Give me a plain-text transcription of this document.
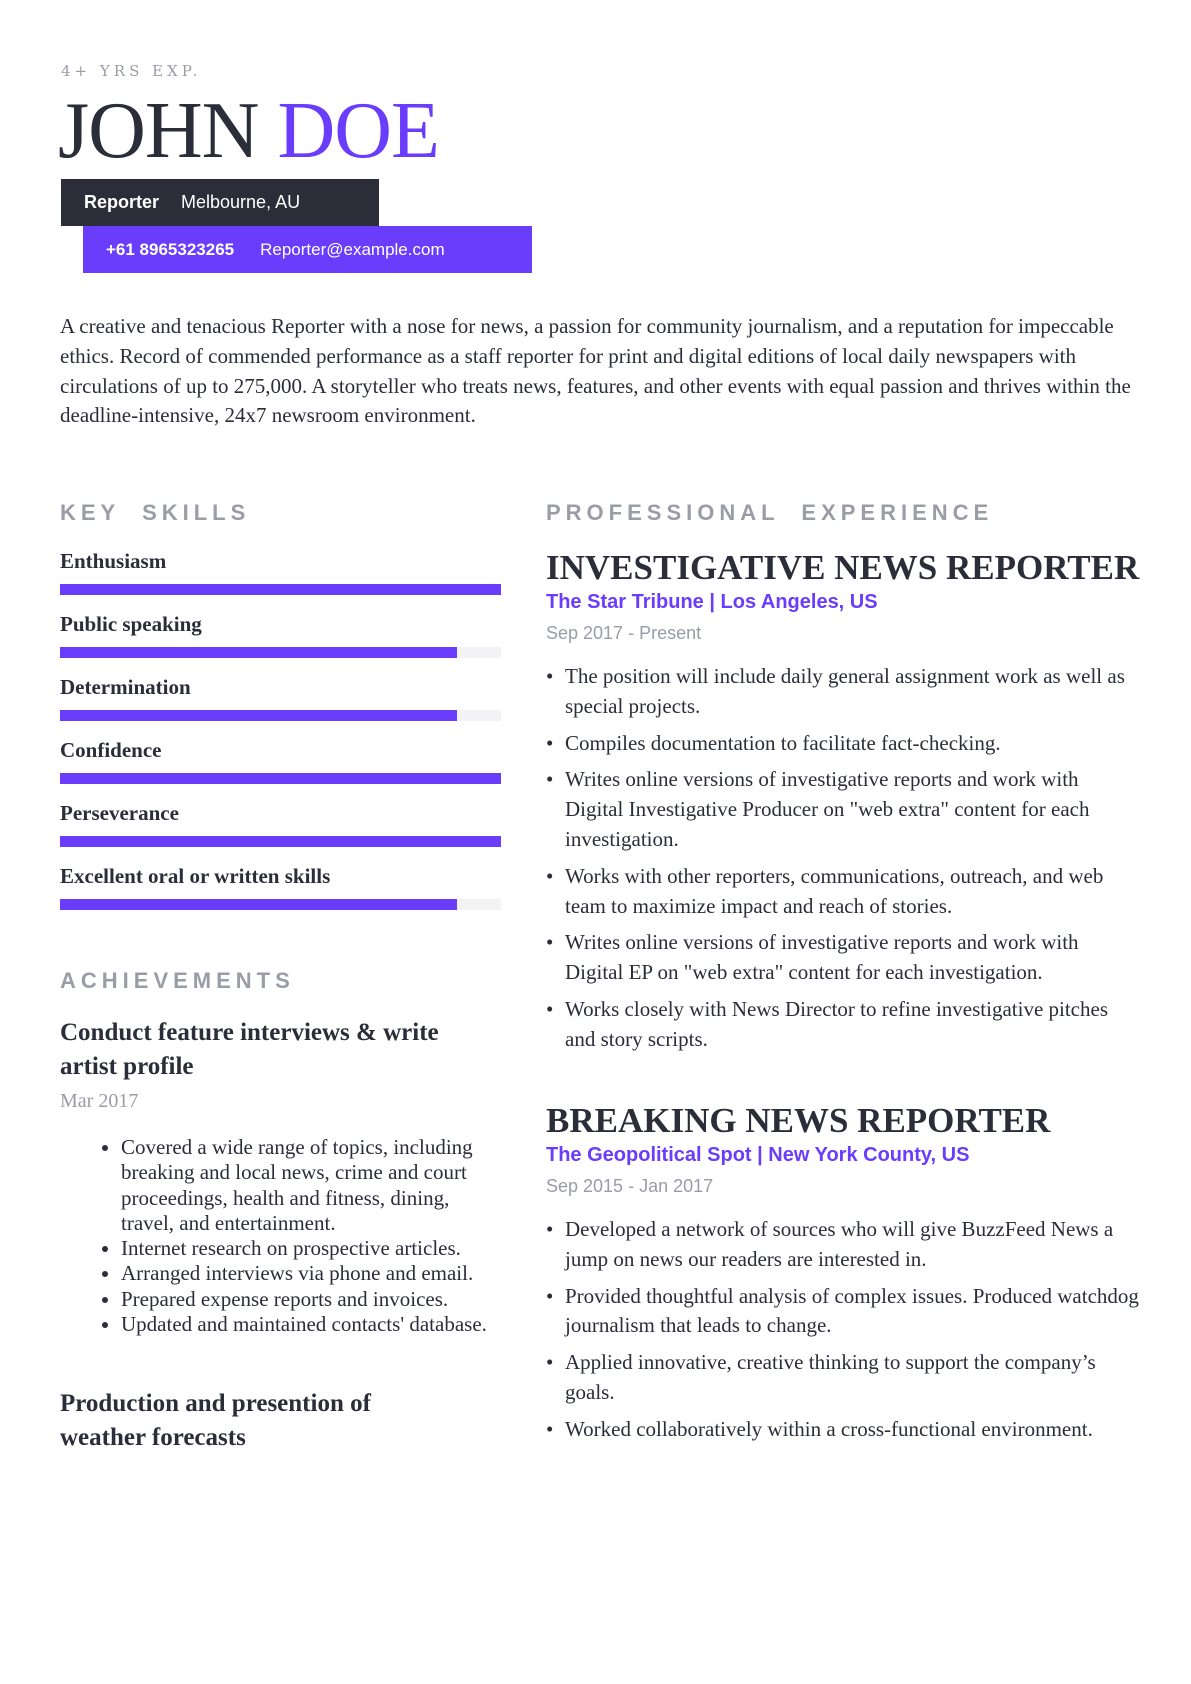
4+ YRS EXP.
JOHN DOE
Reporter Melbourne, AU
+61 8965323265 Reporter@example.com
A creative and tenacious Reporter with a nose for news, a passion for community journalism, and a reputation for impeccable ethics. Record of commended performance as a staff reporter for print and digital editions of local daily newspapers with circulations of up to 275,000. A storyteller who treats news, features, and other events with equal passion and thrives within the deadline-intensive, 24x7 newsroom environment.
KEY  SKILLS
Enthusiasm
Public speaking
Determination
Confidence
Perseverance
Excellent oral or written skills
ACHIEVEMENTS
Conduct feature interviews & write artist profile
Mar 2017
• Covered a wide range of topics, including breaking and local news, crime and court proceedings, health and fitness, dining, travel, and entertainment.
• Internet research on prospective articles.
• Arranged interviews via phone and email.
• Prepared expense reports and invoices.
• Updated and maintained contacts' database.
Production and presention of weather forecasts
PROFESSIONAL  EXPERIENCE
INVESTIGATIVE NEWS REPORTER
The Star Tribune | Los Angeles, US
Sep 2017 - Present
• The position will include daily general assignment work as well as special projects.
• Compiles documentation to facilitate fact-checking.
• Writes online versions of investigative reports and work with Digital Investigative Producer on "web extra" content for each investigation.
• Works with other reporters, communications, outreach, and web team to maximize impact and reach of stories.
• Writes online versions of investigative reports and work with Digital EP on "web extra" content for each investigation.
• Works closely with News Director to refine investigative pitches and story scripts.
BREAKING NEWS REPORTER
The Geopolitical Spot | New York County, US
Sep 2015 - Jan 2017
• Developed a network of sources who will give BuzzFeed News a jump on news our readers are interested in.
• Provided thoughtful analysis of complex issues. Produced watchdog journalism that leads to change.
• Applied innovative, creative thinking to support the company’s goals.
• Worked collaboratively within a cross-functional environment.
